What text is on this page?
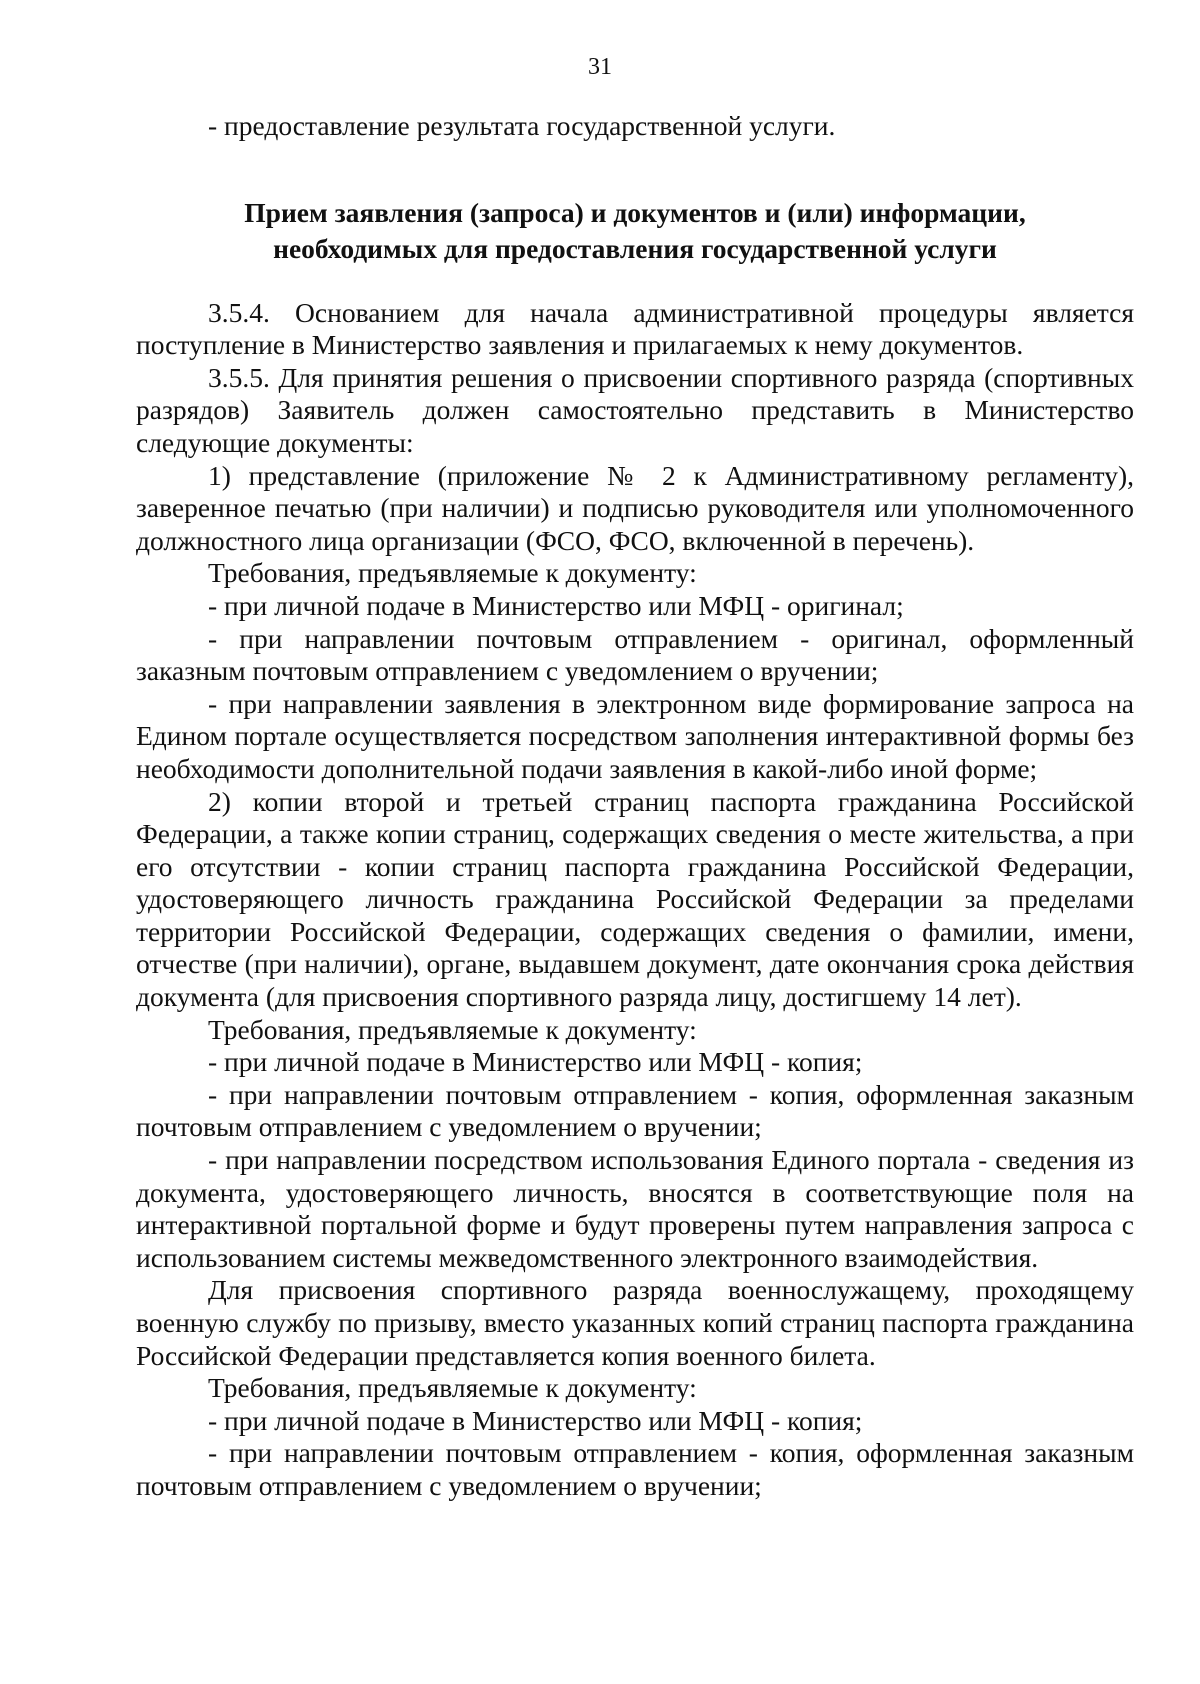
31

- предоставление результата государственной услуги.

Прием заявления (запроса) и документов и (или) информации,
необходимых для предоставления государственной услуги

3.5.4. Основанием для начала административной процедуры является поступление в Министерство заявления и прилагаемых к нему документов.

3.5.5. Для принятия решения о присвоении спортивного разряда (спортивных разрядов) Заявитель должен самостоятельно представить в Министерство следующие документы:

1) представление (приложение № 2 к Административному регламенту), заверенное печатью (при наличии) и подписью руководителя или уполномоченного должностного лица организации (ФСО, ФСО, включенной в перечень).

Требования, предъявляемые к документу:

- при личной подаче в Министерство или МФЦ - оригинал;

- при направлении почтовым отправлением - оригинал, оформленный заказным почтовым отправлением с уведомлением о вручении;

- при направлении заявления в электронном виде формирование запроса на Едином портале осуществляется посредством заполнения интерактивной формы без необходимости дополнительной подачи заявления в какой-либо иной форме;

2) копии второй и третьей страниц паспорта гражданина Российской Федерации, а также копии страниц, содержащих сведения о месте жительства, а при его отсутствии - копии страниц паспорта гражданина Российской Федерации, удостоверяющего личность гражданина Российской Федерации за пределами территории Российской Федерации, содержащих сведения о фамилии, имени, отчестве (при наличии), органе, выдавшем документ, дате окончания срока действия документа (для присвоения спортивного разряда лицу, достигшему 14 лет).

Требования, предъявляемые к документу:

- при личной подаче в Министерство или МФЦ - копия;

- при направлении почтовым отправлением - копия, оформленная заказным почтовым отправлением с уведомлением о вручении;

- при направлении посредством использования Единого портала - сведения из документа, удостоверяющего личность, вносятся в соответствующие поля на интерактивной портальной форме и будут проверены путем направления запроса с использованием системы межведомственного электронного взаимодействия.

Для присвоения спортивного разряда военнослужащему, проходящему военную службу по призыву, вместо указанных копий страниц паспорта гражданина Российской Федерации представляется копия военного билета.

Требования, предъявляемые к документу:

- при личной подаче в Министерство или МФЦ - копия;

- при направлении почтовым отправлением - копия, оформленная заказным почтовым отправлением с уведомлением о вручении;
